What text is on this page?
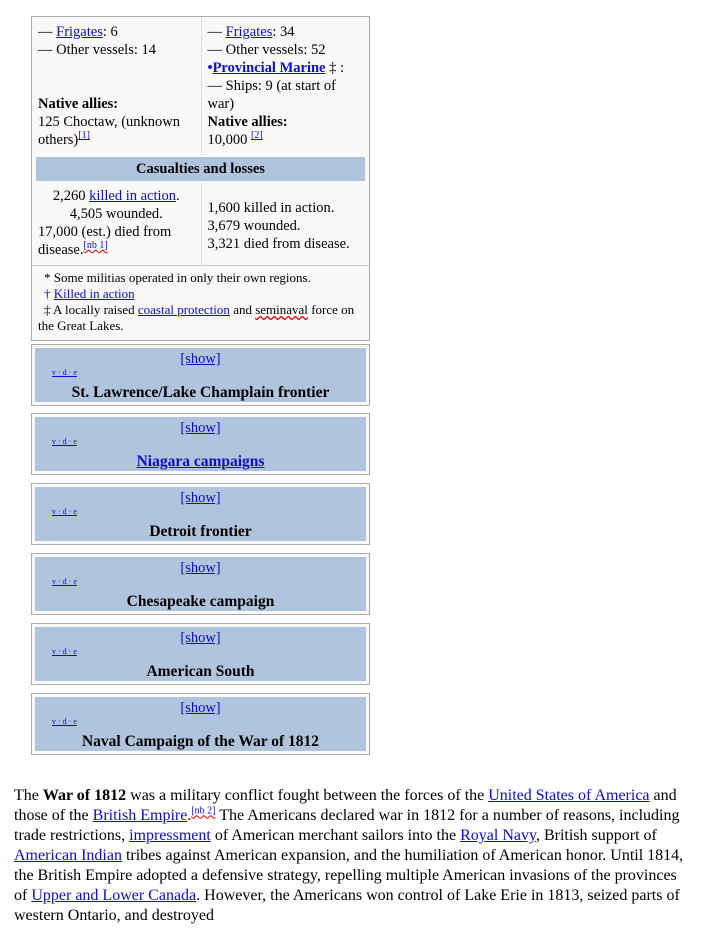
— Frigates: 6
— Other vessels: 14
Native allies:
125 Choctaw, (unknown others)[1]
— Frigates: 34
— Other vessels: 52
•Provincial Marine ‡ :
— Ships: 9 (at start of war)
Native allies:
10,000 [2]
Casualties and losses
2,260 killed in action.
4,505 wounded.
17,000 (est.) died from disease.[nb 1]
1,600 killed in action.
3,679 wounded.
3,321 died from disease.
* Some militias operated in only their own regions.
† Killed in action
‡ A locally raised coastal protection and seminaval force on the Great Lakes.
[show]
v · d · e
St. Lawrence/Lake Champlain frontier
[show]
v · d · e
Niagara campaigns
[show]
v · d · e
Detroit frontier
[show]
v · d · e
Chesapeake campaign
[show]
v · d · e
American South
[show]
v · d · e
Naval Campaign of the War of 1812

The War of 1812 was a military conflict fought between the forces of the United States of America and those of the British Empire.[nb 2] The Americans declared war in 1812 for a number of reasons, including trade restrictions, impressment of American merchant sailors into the Royal Navy, British support of American Indian tribes against American expansion, and the humiliation of American honor. Until 1814, the British Empire adopted a defensive strategy, repelling multiple American invasions of the provinces of Upper and Lower Canada. However, the Americans won control of Lake Erie in 1813, seized parts of western Ontario, and destroyed
